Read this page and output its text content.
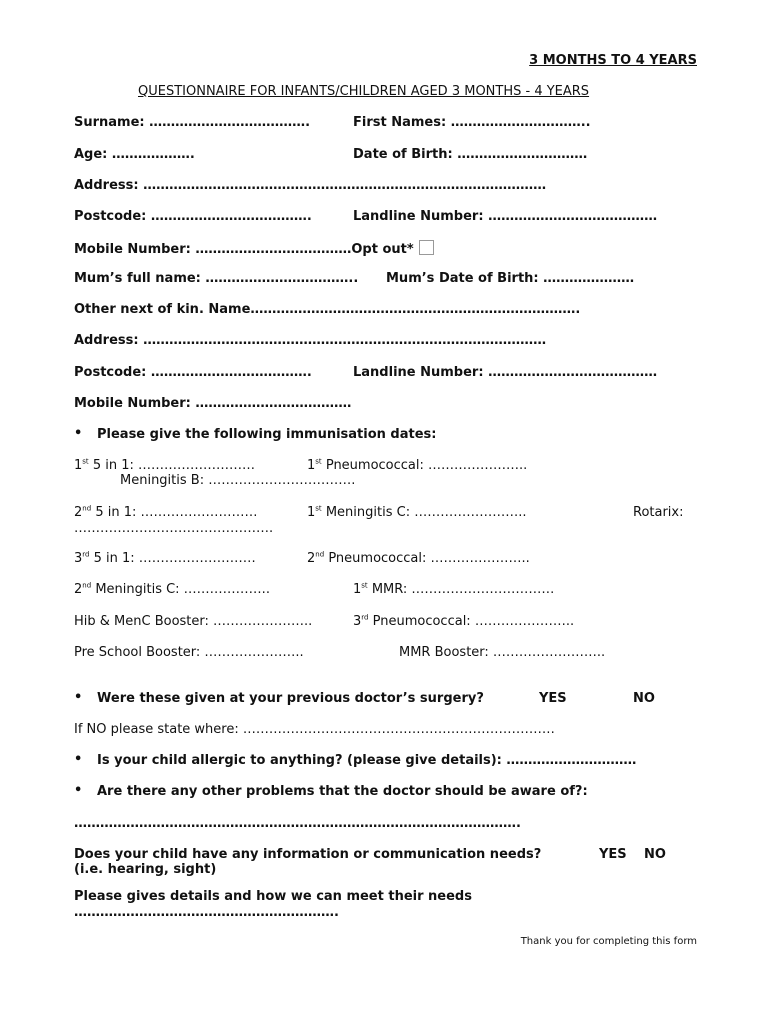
3 MONTHS TO 4 YEARS
QUESTIONNAIRE FOR INFANTS/CHILDREN AGED 3 MONTHS - 4 YEARS
Surname: ……………………………….	First Names: …………………………..
Age: ……………….	Date of Birth: …………………………
Address: …………………………………………………………………………………
Postcode: ……………………………….	Landline Number: …………………………………
Mobile Number: ………………………………Opt out*
Mum’s full name: …………………………….. Mum’s Date of Birth: …………………
Other next of kin. Name………………………………………………………………….
Address: …………………………………………………………………………………
Postcode: ……………………………….	Landline Number: …………………………………
Mobile Number: ………………………………
• Please give the following immunisation dates:
1st 5 in 1: ………………………	1st Pneumococcal: …………………..
Meningitis B: …………………………….
2nd 5 in 1: ………………………	1st Meningitis C: ……………………..	Rotarix:
……………………………………….
3rd 5 in 1: ………………………	2nd Pneumococcal: …………………..
2nd Meningitis C: ………………..	1st MMR: ……………………………
Hib & MenC Booster: …………………..	3rd Pneumococcal: …………………..
Pre School Booster: …………………..	MMR Booster: ……………………..
• Were these given at your previous doctor’s surgery?	YES	NO
If NO please state where: ………………………………………………………………
• Is your child allergic to anything? (please give details): …………………………
• Are there any other problems that the doctor should be aware of?:
………………………………………………………………………………………….
Does your child have any information or communication needs?	YES NO
(i.e. hearing, sight)
Please gives details and how we can meet their needs
…………………………………………………….
Thank you for completing this form
